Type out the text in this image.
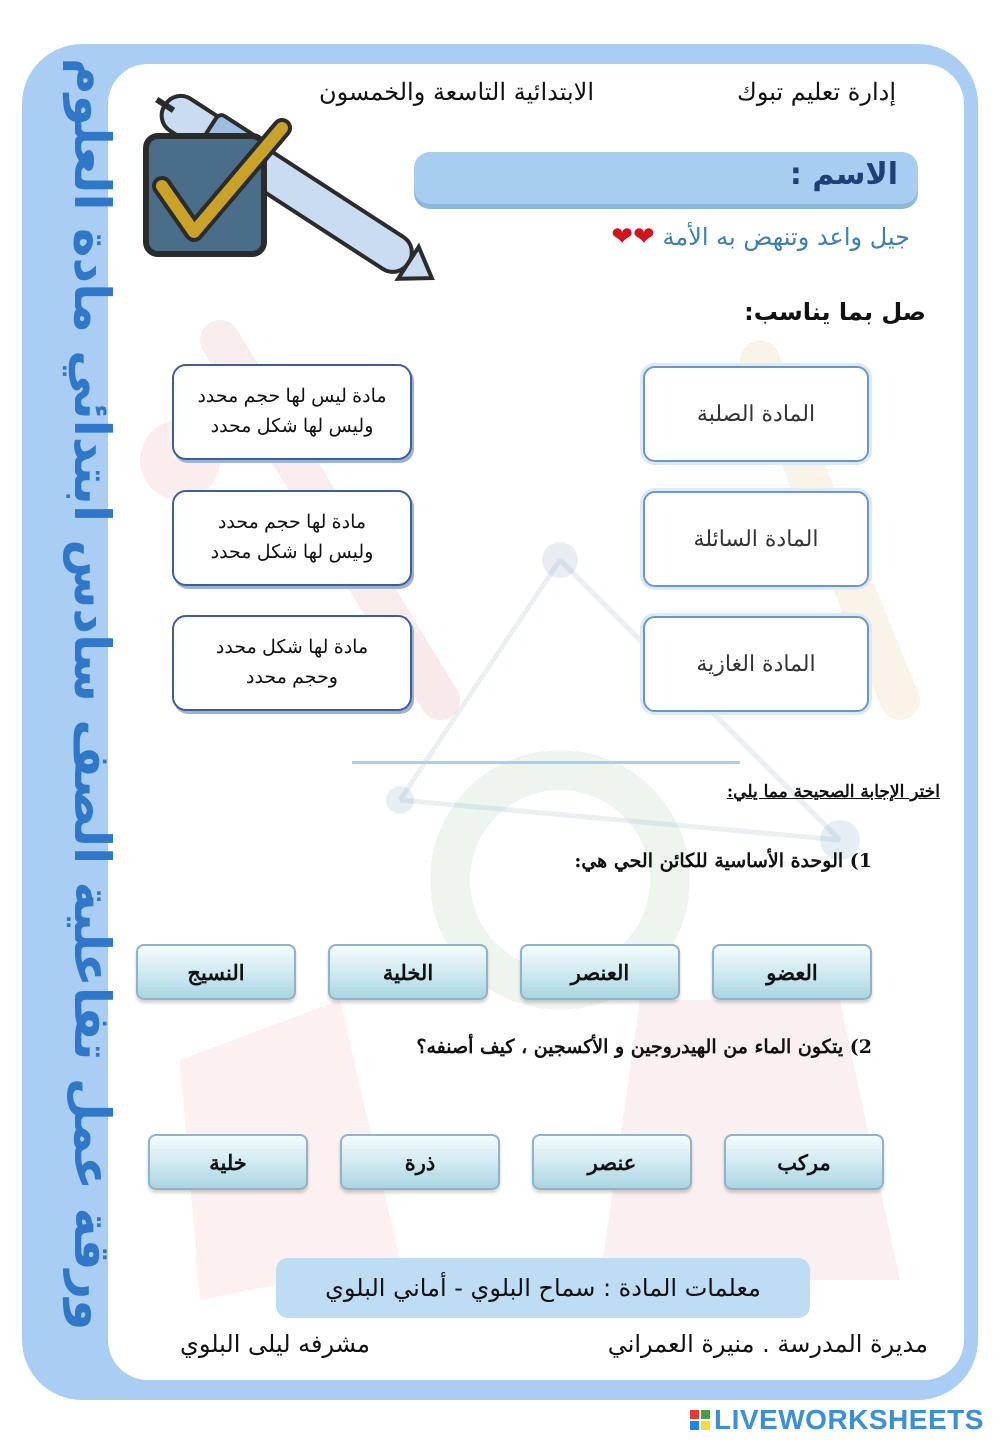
ورقة عمل تفاعلية الصف سادس ابتدائي مادة العلوم	إدارة تعليم تبوك
الابتدائية التاسعة والخمسون
الاسم :
جيل واعد وتنهض به الأمة ❤❤
صل بما يناسب:
المادة الصلبة
المادة السائلة
المادة الغازية
مادة ليس لها حجم محدد
وليس لها شكل محدد
مادة لها حجم محدد
وليس لها شكل محدد
مادة لها شكل محدد
وحجم محدد
اختر الإجابة الصحيحة مما يلي:
1) الوحدة الأساسية للكائن الحي هي:
العضو
العنصر
الخلية
النسيج
2) يتكون الماء من الهيدروجين و الأكسجين ، كيف أصنفه؟
مركب
عنصر
ذرة
خلية
معلمات المادة : سماح البلوي - أماني البلوي
مديرة المدرسة . منيرة العمراني
مشرفه ليلى البلوي
LIVEWORKSHEETS
